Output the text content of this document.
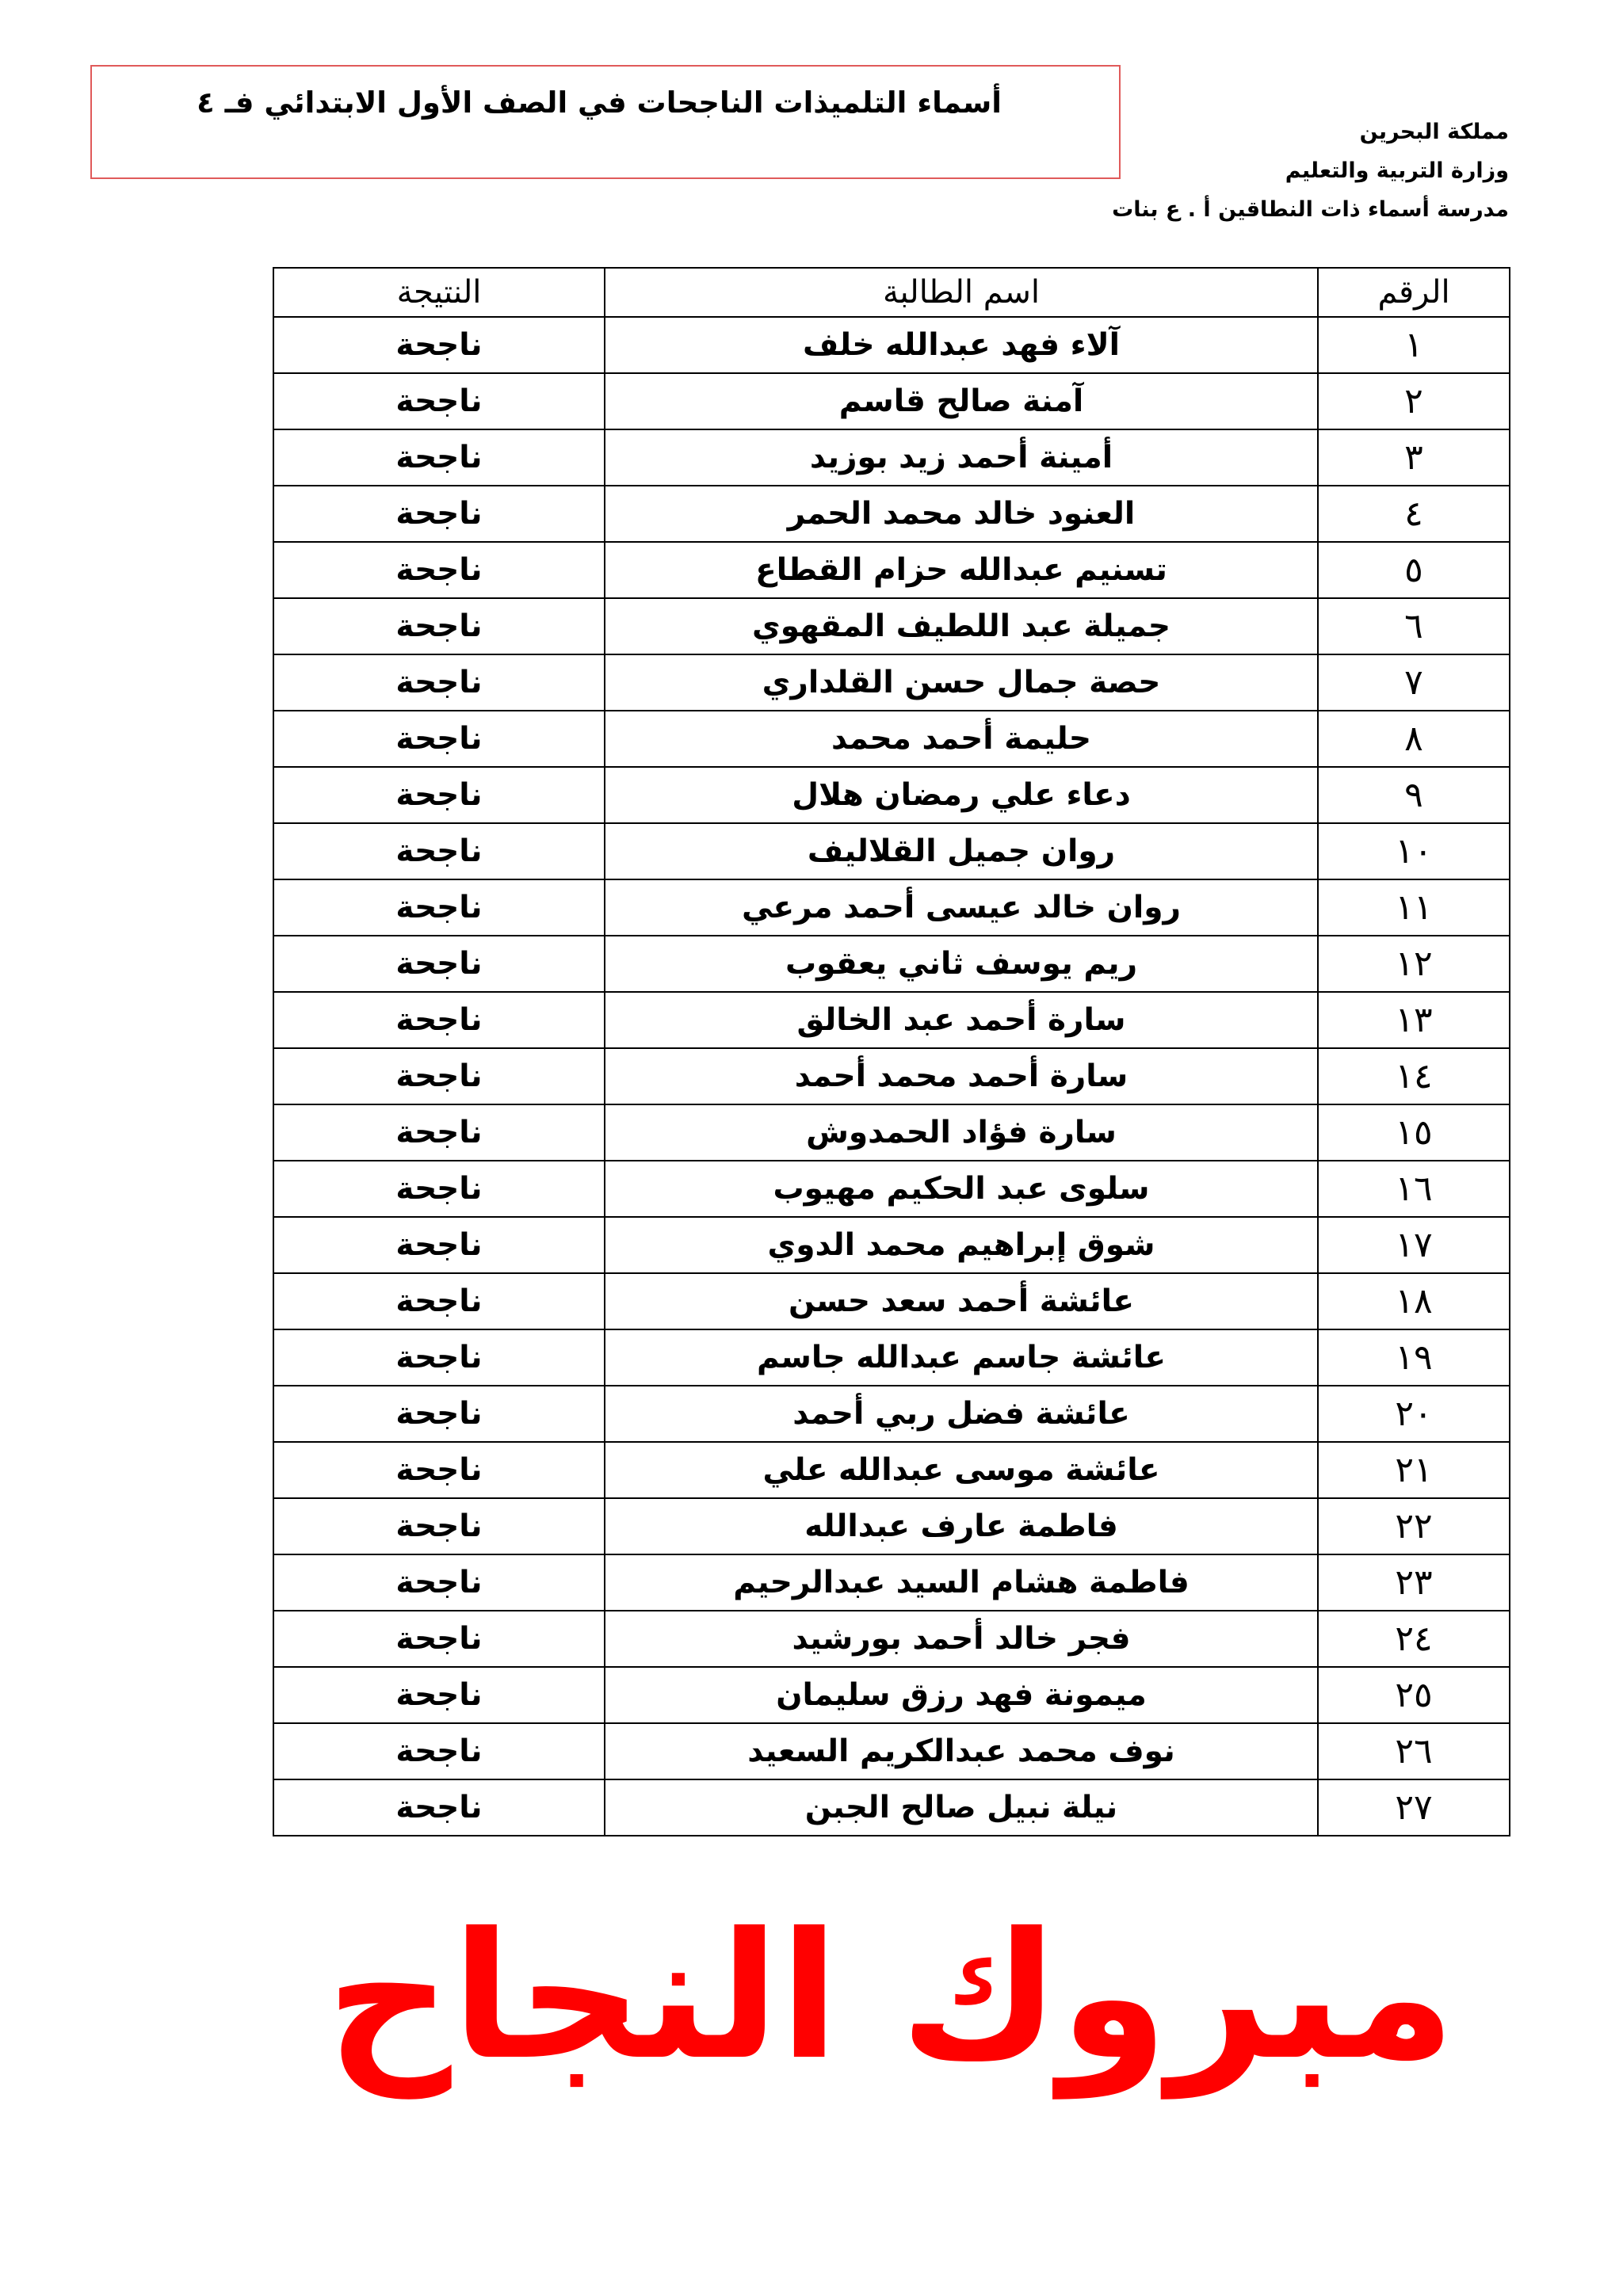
أسماء التلميذات الناجحات في الصف الأول الابتدائي فـ ٤
مملكة البحرين
وزارة التربية والتعليم
مدرسة أسماء ذات النطاقين أ . ع بنات
الرقم	اسم الطالبة	النتيجة
١	آلاء فهد عبدالله خلف	ناجحة
٢	آمنة صالح قاسم	ناجحة
٣	أمينة أحمد زيد بوزيد	ناجحة
٤	العنود خالد محمد الحمر	ناجحة
٥	تسنيم عبدالله حزام القطاع	ناجحة
٦	جميلة عبد اللطيف المقهوي	ناجحة
٧	حصة جمال حسن القلداري	ناجحة
٨	حليمة أحمد محمد	ناجحة
٩	دعاء علي رمضان هلال	ناجحة
١٠	روان جميل القلاليف	ناجحة
١١	روان خالد عيسى أحمد مرعي	ناجحة
١٢	ريم يوسف ثاني يعقوب	ناجحة
١٣	سارة أحمد عبد الخالق	ناجحة
١٤	سارة أحمد محمد أحمد	ناجحة
١٥	سارة فؤاد الحمدوش	ناجحة
١٦	سلوى عبد الحكيم مهيوب	ناجحة
١٧	شوق إبراهيم محمد الدوي	ناجحة
١٨	عائشة أحمد سعد حسن	ناجحة
١٩	عائشة جاسم عبدالله جاسم	ناجحة
٢٠	عائشة فضل ربي أحمد	ناجحة
٢١	عائشة موسى عبدالله علي	ناجحة
٢٢	فاطمة عارف عبدالله	ناجحة
٢٣	فاطمة هشام السيد عبدالرحيم	ناجحة
٢٤	فجر خالد أحمد بورشيد	ناجحة
٢٥	ميمونة فهد رزق سليمان	ناجحة
٢٦	نوف محمد عبدالكريم السعيد	ناجحة
٢٧	نيلة نبيل صالح الجبن	ناجحة
مبروك النجاح
